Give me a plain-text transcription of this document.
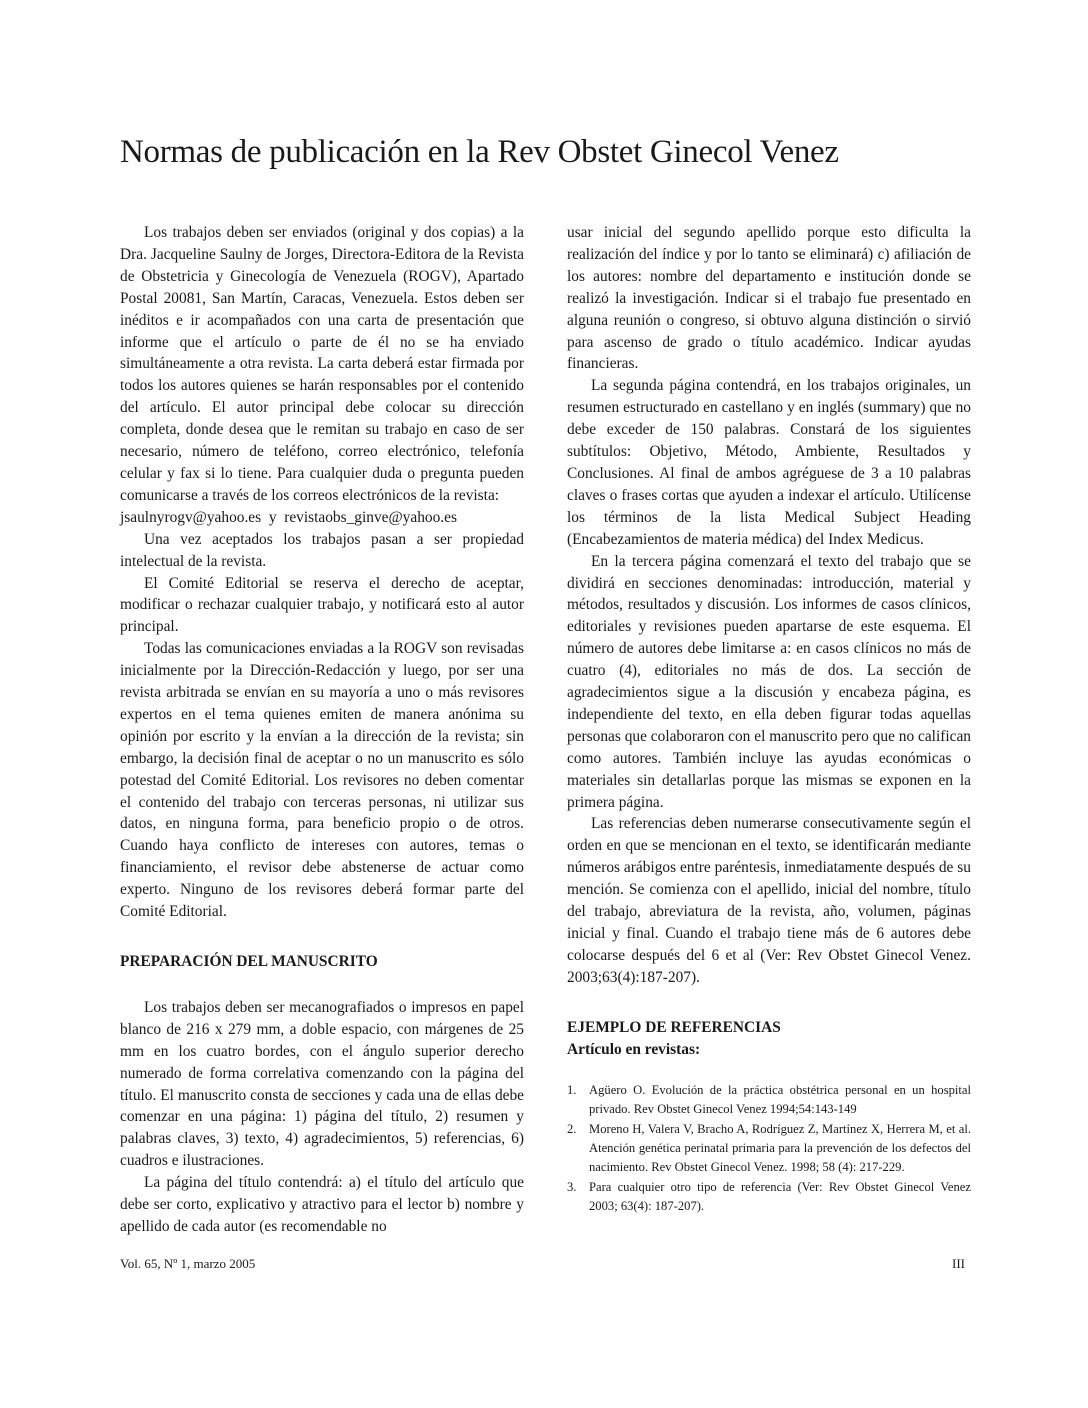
Normas de publicación en la Rev Obstet Ginecol Venez

Los trabajos deben ser enviados (original y dos copias) a la Dra. Jacqueline Saulny de Jorges, Directora-Editora de la Revista de Obstetricia y Ginecología de Venezuela (ROGV), Apartado Postal 20081, San Martín, Caracas, Venezuela. Estos deben ser inéditos e ir acompañados con una carta de presentación que informe que el artículo o parte de él no se ha enviado simultáneamente a otra revista. La carta deberá estar firmada por todos los autores quienes se harán responsables por el contenido del artículo. El autor principal debe colocar su dirección completa, donde desea que le remitan su trabajo en caso de ser necesario, número de teléfono, correo electrónico, telefonía celular y fax si lo tiene. Para cualquier duda o pregunta pueden comunicarse a través de los correos electrónicos de la revista:

jsaulnyrogv@yahoo.es  y  revistaobs_ginve@yahoo.es

Una vez aceptados los trabajos pasan a ser propiedad intelectual de la revista.

El Comité Editorial se reserva el derecho de aceptar, modificar o rechazar cualquier trabajo, y notificará esto al autor principal.

Todas las comunicaciones enviadas a la ROGV son revisadas inicialmente por la Dirección-Redacción y luego, por ser una revista arbitrada se envían en su mayoría a uno o más revisores expertos en el tema quienes emiten de manera anónima su opinión por escrito y la envían a la dirección de la revista; sin embargo, la decisión final de aceptar o no un manuscrito es sólo potestad del Comité Editorial. Los revisores no deben comentar el contenido del trabajo con terceras personas, ni utilizar sus datos, en ninguna forma, para beneficio propio o de otros. Cuando haya conflicto de intereses con autores, temas o financiamiento, el revisor debe abstenerse de actuar como experto. Ninguno de los revisores deberá formar parte del Comité Editorial.

PREPARACIÓN DEL MANUSCRITO

Los trabajos deben ser mecanografiados o impresos en papel blanco de 216 x 279 mm, a doble espacio, con márgenes de 25 mm en los cuatro bordes, con el ángulo superior derecho numerado de forma correlativa comenzando con la página del título. El manuscrito consta de secciones y cada una de ellas debe comenzar en una página: 1) página del título, 2) resumen y palabras claves, 3) texto, 4) agradecimientos, 5) referencias, 6) cuadros e ilustraciones.

La página del título contendrá: a) el título del artículo que debe ser corto, explicativo y atractivo para el lector b) nombre y apellido de cada autor (es recomendable no

usar inicial del segundo apellido porque esto dificulta la realización del índice y por lo tanto se eliminará) c) afiliación de los autores: nombre del departamento e institución donde se realizó la investigación. Indicar si el trabajo fue presentado en alguna reunión o congreso, si obtuvo alguna distinción o sirvió para ascenso de grado o título académico. Indicar ayudas financieras.

La segunda página contendrá, en los trabajos originales, un resumen estructurado en castellano y en inglés (summary) que no debe exceder de 150 palabras. Constará de los siguientes subtítulos: Objetivo, Método, Ambiente, Resultados y Conclusiones. Al final de ambos agréguese de 3 a 10 palabras claves o frases cortas que ayuden a indexar el artículo. Utilícense los términos de la lista Medical Subject Heading (Encabezamientos de materia médica) del Index Medicus.

En la tercera página comenzará el texto del trabajo que se dividirá en secciones denominadas: introducción, material y métodos, resultados y discusión. Los informes de casos clínicos, editoriales y revisiones pueden apartarse de este esquema. El número de autores debe limitarse a: en casos clínicos no más de cuatro (4), editoriales no más de dos. La sección de agradecimientos sigue a la discusión y encabeza página, es independiente del texto, en ella deben figurar todas aquellas personas que colaboraron con el manuscrito pero que no califican como autores. También incluye las ayudas económicas o materiales sin detallarlas porque las mismas se exponen en la primera página.

Las referencias deben numerarse consecutivamente según el orden en que se mencionan en el texto, se identificarán mediante números arábigos entre paréntesis, inmediatamente después de su mención. Se comienza con el apellido, inicial del nombre, título del trabajo, abreviatura de la revista, año, volumen, páginas inicial y final. Cuando el trabajo tiene más de 6 autores debe colocarse después del 6 et al (Ver: Rev Obstet Ginecol Venez. 2003;63(4):187-207).

EJEMPLO DE REFERENCIAS
Artículo en revistas:
1. Agüero O. Evolución de la práctica obstétrica personal en un hospital privado. Rev Obstet Ginecol Venez 1994;54:143-149
2. Moreno H, Valera V, Bracho A, Rodríguez Z, Martínez X, Herrera M, et al. Atención genética perinatal primaria para la prevención de los defectos del nacimiento. Rev Obstet Ginecol Venez. 1998; 58 (4): 217-229.
3. Para cualquier otro tipo de referencia (Ver: Rev Obstet Ginecol Venez 2003; 63(4): 187-207).
Vol. 65, Nº 1, marzo 2005	III
